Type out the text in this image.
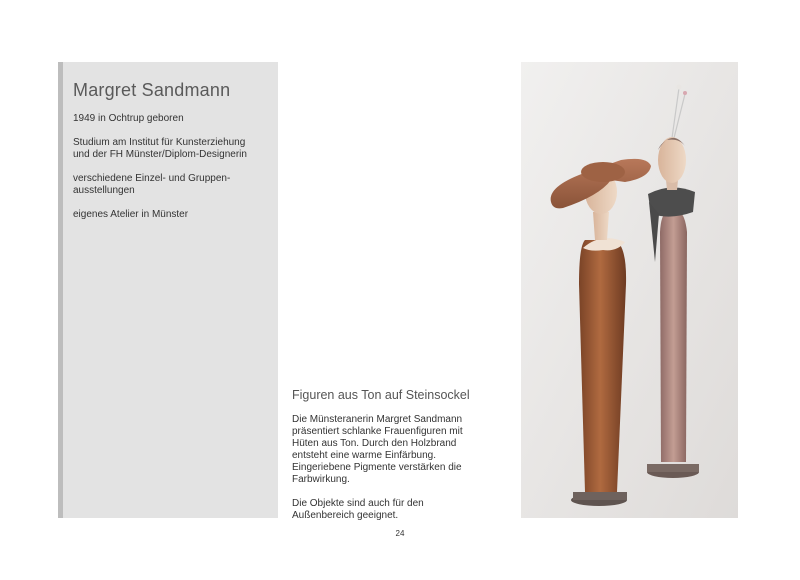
Margret Sandmann

1949 in Ochtrup geboren

Studium am Institut für Kunsterziehung
und der FH Münster/Diplom-Designerin

verschiedene Einzel- und Gruppen-
ausstellungen

eigenes Atelier in Münster

Figuren aus Ton auf Steinsockel

Die Münsteranerin Margret Sandmann
präsentiert schlanke Frauenfiguren mit
Hüten aus Ton. Durch den Holzbrand
entsteht eine warme Einfärbung.
Eingeriebene Pigmente verstärken die
Farbwirkung.

Die Objekte sind auch für den
Außenbereich geeignet.

24
